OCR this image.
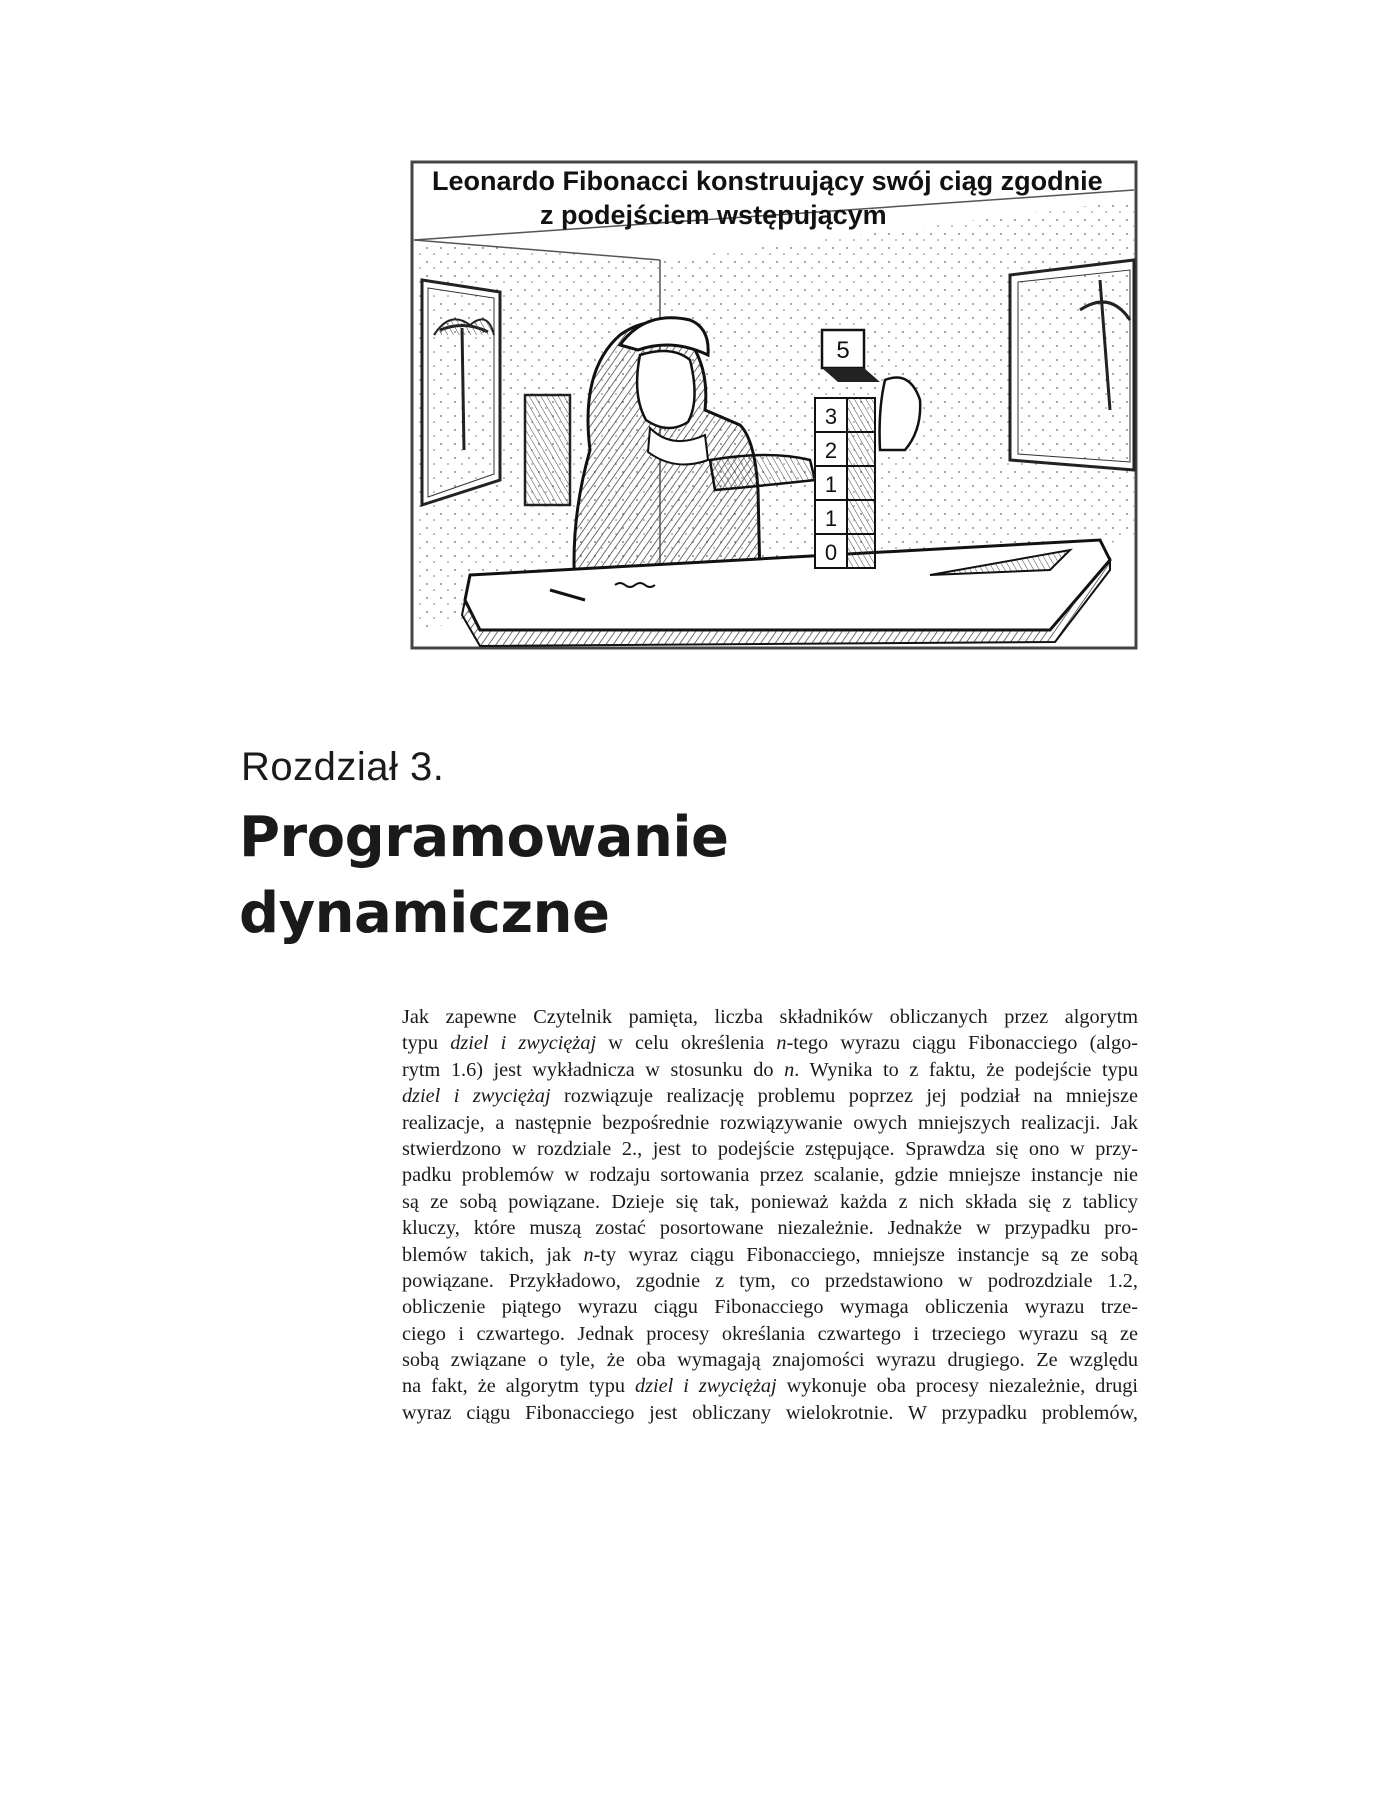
Leonardo Fibonacci konstruujący swój ciąg zgodnie
z podejściem wstępującym
5
3
2
1
1
0
Rozdział 3.
Programowanie
dynamiczne
Jak zapewne Czytelnik pamięta, liczba składników obliczanych przez algorytm
typu dziel i zwyciężaj w celu określenia n-tego wyrazu ciągu Fibonacciego (algo-
rytm 1.6) jest wykładnicza w stosunku do n. Wynika to z faktu, że podejście typu
dziel i zwyciężaj rozwiązuje realizację problemu poprzez jej podział na mniejsze
realizacje, a następnie bezpośrednie rozwiązywanie owych mniejszych realizacji. Jak
stwierdzono w rozdziale 2., jest to podejście zstępujące. Sprawdza się ono w przy-
padku problemów w rodzaju sortowania przez scalanie, gdzie mniejsze instancje nie
są ze sobą powiązane. Dzieje się tak, ponieważ każda z nich składa się z tablicy
kluczy, które muszą zostać posortowane niezależnie. Jednakże w przypadku pro-
blemów takich, jak n-ty wyraz ciągu Fibonacciego, mniejsze instancje są ze sobą
powiązane. Przykładowo, zgodnie z tym, co przedstawiono w podrozdziale 1.2,
obliczenie piątego wyrazu ciągu Fibonacciego wymaga obliczenia wyrazu trze-
ciego i czwartego. Jednak procesy określania czwartego i trzeciego wyrazu są ze
sobą związane o tyle, że oba wymagają znajomości wyrazu drugiego. Ze względu
na fakt, że algorytm typu dziel i zwyciężaj wykonuje oba procesy niezależnie, drugi
wyraz ciągu Fibonacciego jest obliczany wielokrotnie. W przypadku problemów,
